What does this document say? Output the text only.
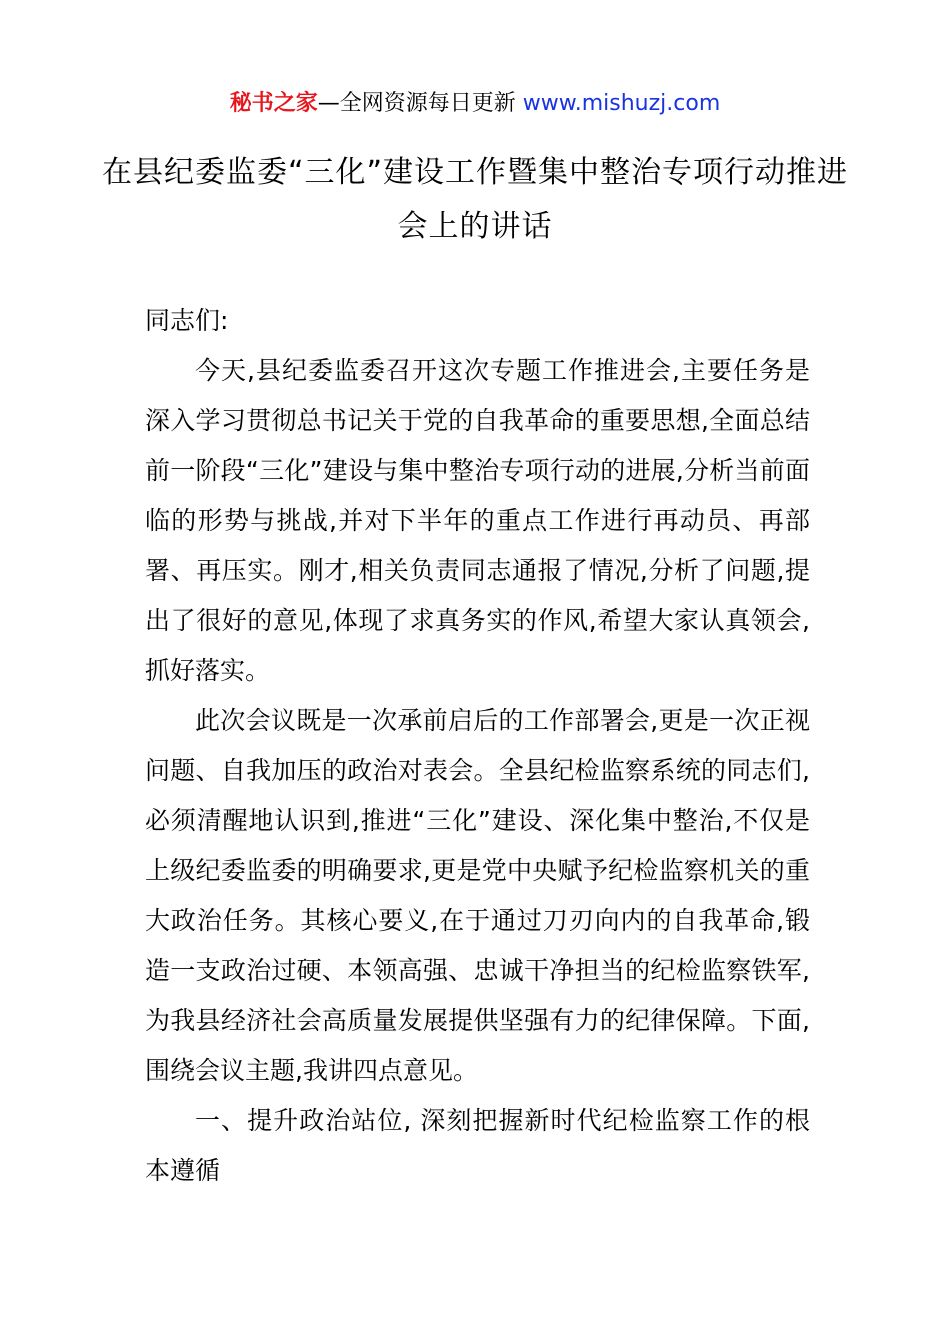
秘书之家—全网资源每日更新 www.mishuzj.com
在县纪委监委“三化”建设工作暨集中整治专项行动推进会上的讲话

同志们:

今天,县纪委监委召开这次专题工作推进会,主要任务是深入学习贯彻总书记关于党的自我革命的重要思想,全面总结前一阶段“三化”建设与集中整治专项行动的进展,分析当前面临的形势与挑战,并对下半年的重点工作进行再动员、再部署、再压实。刚才,相关负责同志通报了情况,分析了问题,提出了很好的意见,体现了求真务实的作风,希望大家认真领会,抓好落实。

此次会议既是一次承前启后的工作部署会,更是一次正视问题、自我加压的政治对表会。全县纪检监察系统的同志们,必须清醒地认识到,推进“三化”建设、深化集中整治,不仅是上级纪委监委的明确要求,更是党中央赋予纪检监察机关的重大政治任务。其核心要义,在于通过刀刃向内的自我革命,锻造一支政治过硬、本领高强、忠诚干净担当的纪检监察铁军,为我县经济社会高质量发展提供坚强有力的纪律保障。下面,围绕会议主题,我讲四点意见。

一、提升政治站位, 深刻把握新时代纪检监察工作的根本遵循
